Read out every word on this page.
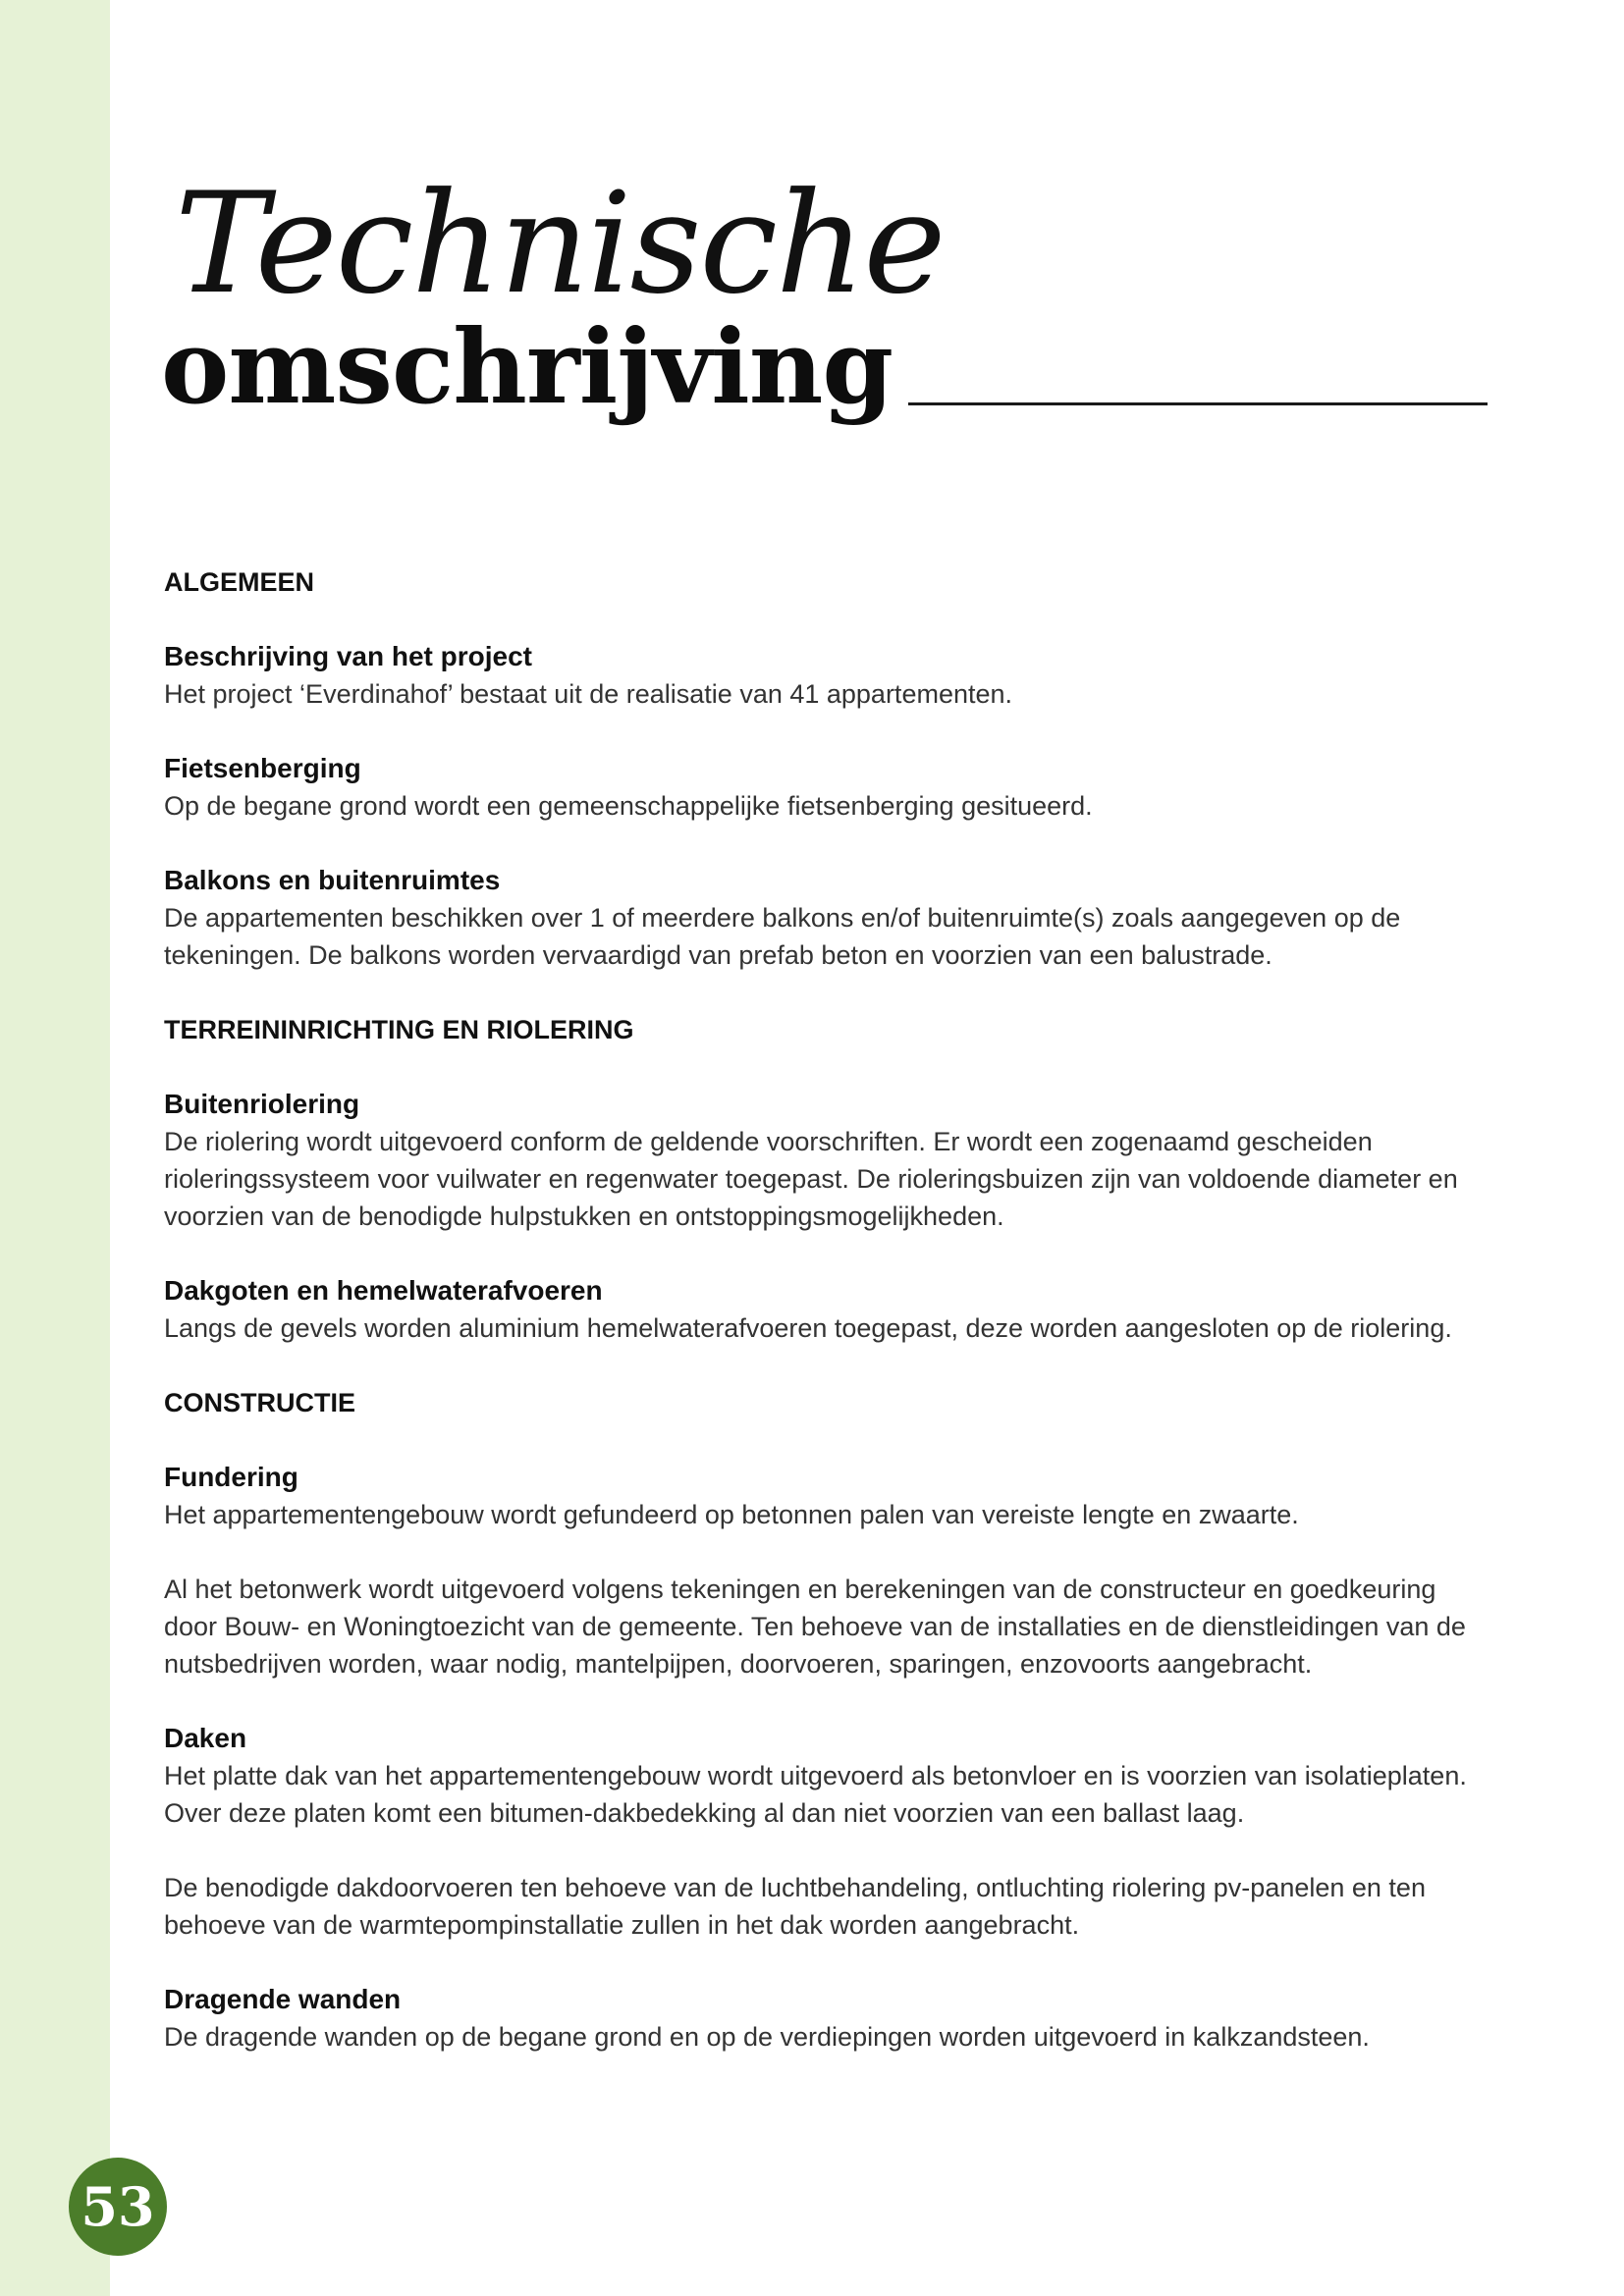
Technische
omschrijving
ALGEMEEN
Beschrijving van het project

Het project ‘Everdinahof’ bestaat uit de realisatie van 41 appartementen.

Fietsenberging

Op de begane grond wordt een gemeenschappelijke fietsenberging gesitueerd.

Balkons en buitenruimtes

De appartementen beschikken over 1 of meerdere balkons en/of buitenruimte(s) zoals aangegeven op de tekeningen. De balkons worden vervaardigd van prefab beton en voorzien van een balustrade.

TERREININRICHTING EN RIOLERING
Buitenriolering

De riolering wordt uitgevoerd conform de geldende voorschriften. Er wordt een zogenaamd gescheiden rioleringssysteem voor vuilwater en regenwater toegepast. De rioleringsbuizen zijn van voldoende diameter en voorzien van de benodigde hulpstukken en ontstoppingsmogelijkheden.

Dakgoten en hemelwaterafvoeren

Langs de gevels worden aluminium hemelwaterafvoeren toegepast, deze worden aangesloten op de riolering.

CONSTRUCTIE
Fundering

Het appartementengebouw wordt gefundeerd op betonnen palen van vereiste lengte en zwaarte.

Al het betonwerk wordt uitgevoerd volgens tekeningen en berekeningen van de constructeur en goedkeuring door Bouw- en Woningtoezicht van de gemeente. Ten behoeve van de installaties en de dienstleidingen van de nutsbedrijven worden, waar nodig, mantelpijpen, doorvoeren, sparingen, enzovoorts aangebracht.

Daken

Het platte dak van het appartementengebouw wordt uitgevoerd als betonvloer en is voorzien van isolatieplaten. Over deze platen komt een bitumen-dakbedekking al dan niet voorzien van een ballast laag.

De benodigde dakdoorvoeren ten behoeve van de luchtbehandeling, ontluchting riolering pv-panelen en ten behoeve van de warmtepompinstallatie zullen in het dak worden aangebracht.

Dragende wanden

De dragende wanden op de begane grond en op de verdiepingen worden uitgevoerd in kalkzandsteen.

53
